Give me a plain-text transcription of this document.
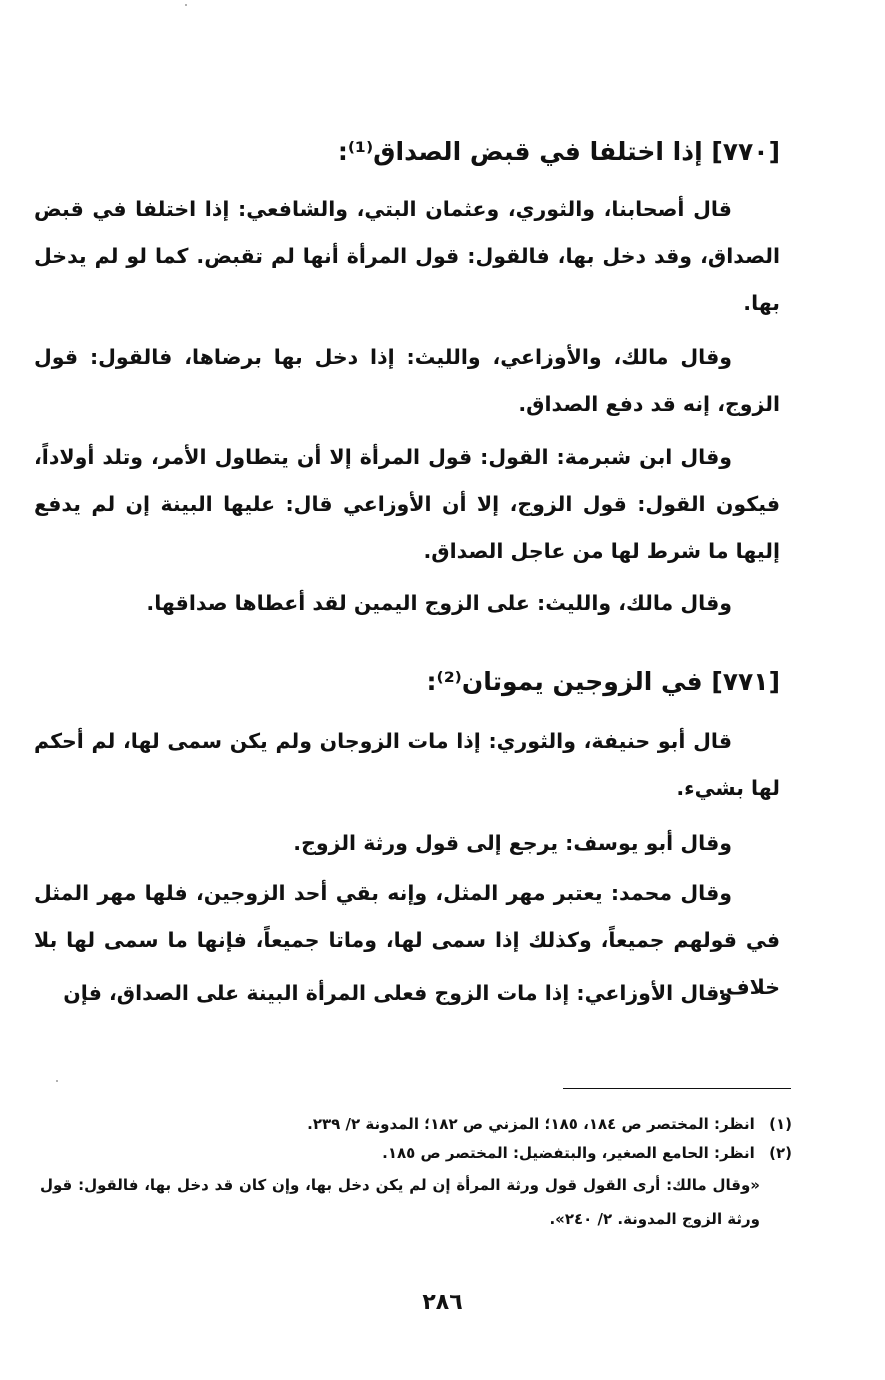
[٧٧٠] إذا اختلفا في قبض الصداق⁽¹⁾:

قال أصحابنا، والثوري، وعثمان البتي، والشافعي: إذا اختلفا في قبض الصداق، وقد دخل بها، فالقول: قول المرأة أنها لم تقبض. كما لو لم يدخل بها.

وقال مالك، والأوزاعي، والليث: إذا دخل بها برضاها، فالقول: قول الزوج، إنه قد دفع الصداق.

وقال ابن شبرمة: القول: قول المرأة إلا أن يتطاول الأمر، وتلد أولاداً، فيكون القول: قول الزوج، إلا أن الأوزاعي قال: عليها البينة إن لم يدفع إليها ما شرط لها من عاجل الصداق.

وقال مالك، والليث: على الزوج اليمين لقد أعطاها صداقها.

[٧٧١] في الزوجين يموتان⁽²⁾:

قال أبو حنيفة، والثوري: إذا مات الزوجان ولم يكن سمى لها، لم أحكم لها بشيء.

وقال أبو يوسف: يرجع إلى قول ورثة الزوج.

وقال محمد: يعتبر مهر المثل، وإنه بقي أحد الزوجين، فلها مهر المثل في قولهم جميعاً، وكذلك إذا سمى لها، وماتا جميعاً، فإنها ما سمى لها بلا خلاف.

وقال الأوزاعي: إذا مات الزوج فعلى المرأة البينة على الصداق، فإن

(١) انظر: المختصر ص ١٨٤، ١٨٥؛ المزني ص ١٨٢؛ المدونة ٢/ ٢٣٩.
(٢) انظر: الحامع الصغير، والبتفضيل: المختصر ص ١٨٥.
«وقال مالك: أرى القول قول ورثة المرأة إن لم يكن دخل بها، وإن كان قد دخل بها، فالقول: قول ورثة الزوج المدونة. ٢/ ٢٤٠».
٢٨٦
